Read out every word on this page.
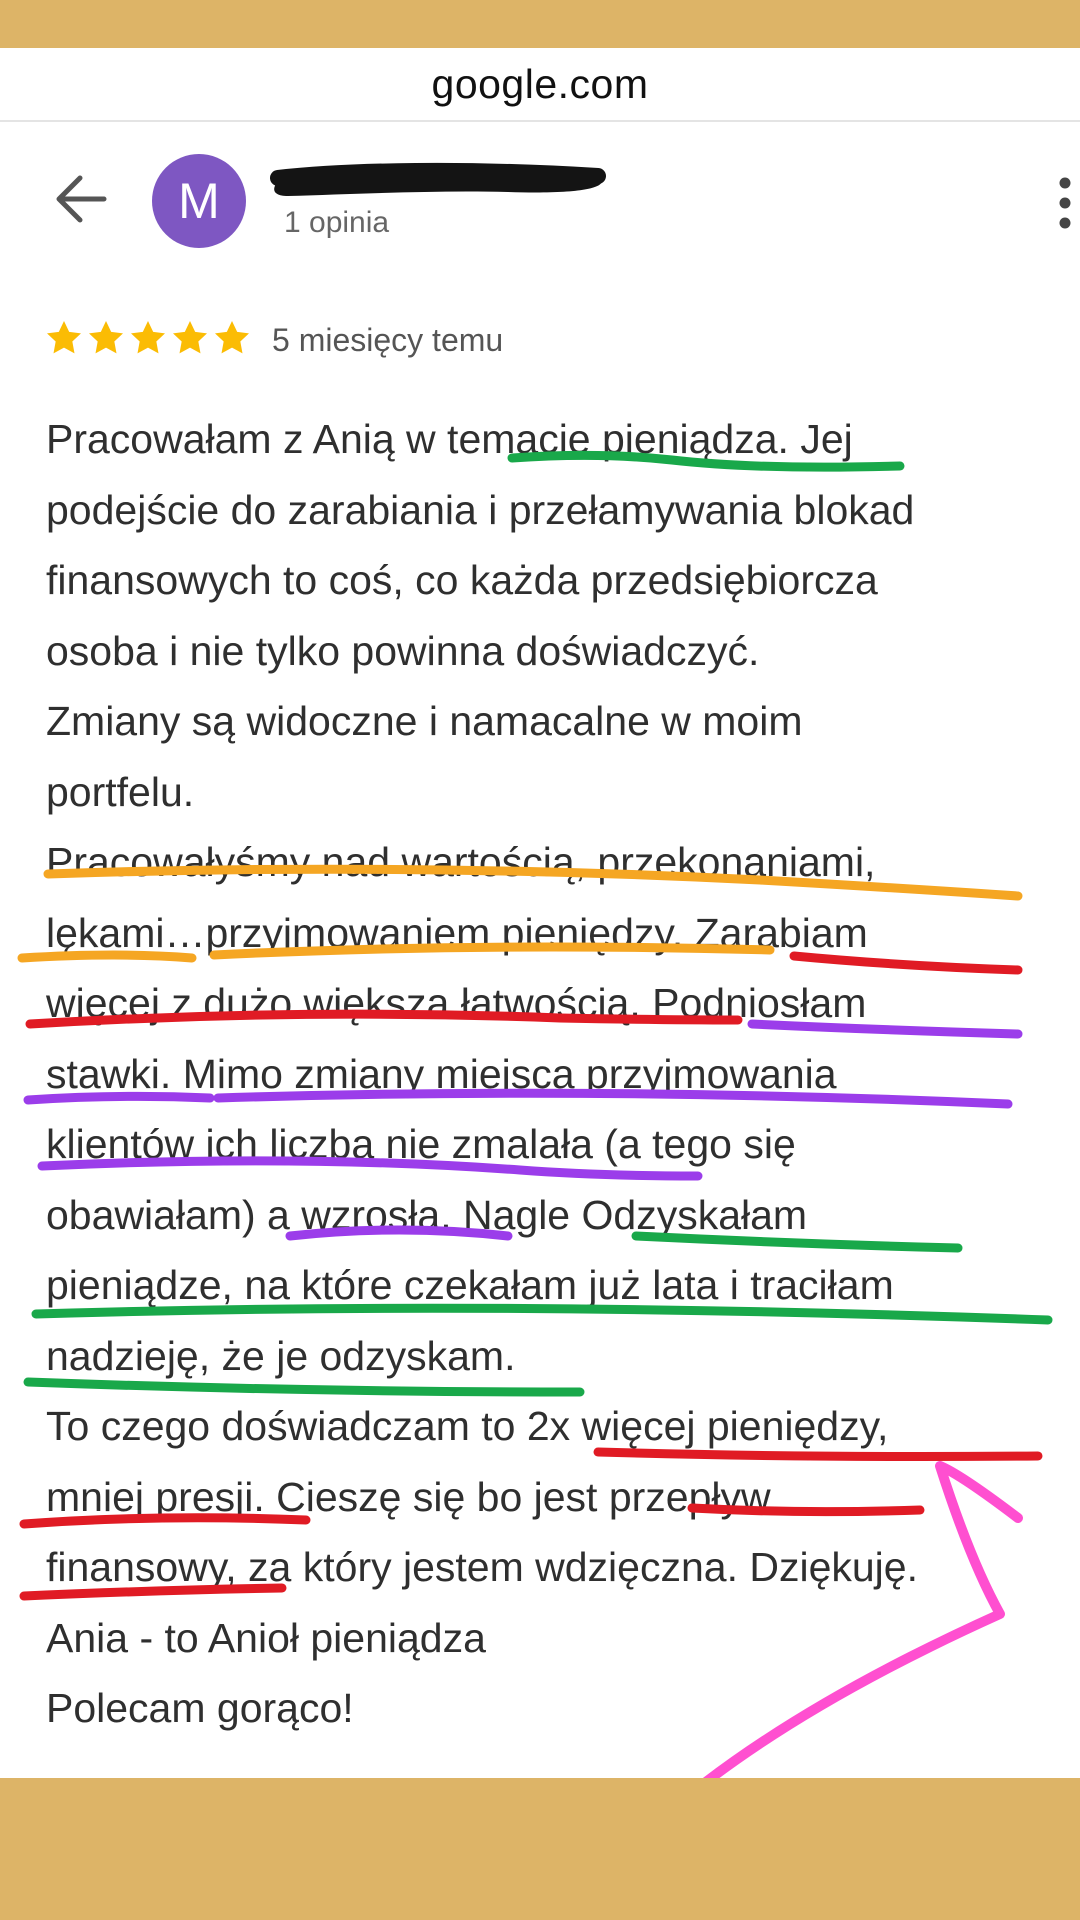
google.com
M 1 opinia
5 miesięcy temu
Pracowałam z Anią w temacie pieniądza. Jej
podejście do zarabiania i przełamywania blokad
finansowych to coś, co każda przedsiębiorcza
osoba i nie tylko powinna doświadczyć.
Zmiany są widoczne i namacalne w moim
portfelu.
Pracowałyśmy nad wartością, przekonaniami,
lękami…przyjmowaniem pieniędzy. Zarabiam
więcej z dużo większa łatwością. Podniosłam
stawki. Mimo zmiany miejsca przyjmowania
klientów ich liczba nie zmalała (a tego się
obawiałam) a wzrosła. Nagle Odzyskałam
pieniądze, na które czekałam już lata i traciłam
nadzieję, że je odzyskam.
To czego doświadczam to 2x więcej pieniędzy,
mniej presji. Cieszę się bo jest przepływ
finansowy, za który jestem wdzięczna. Dziękuję.
Ania - to Anioł pieniądza
Polecam gorąco!
